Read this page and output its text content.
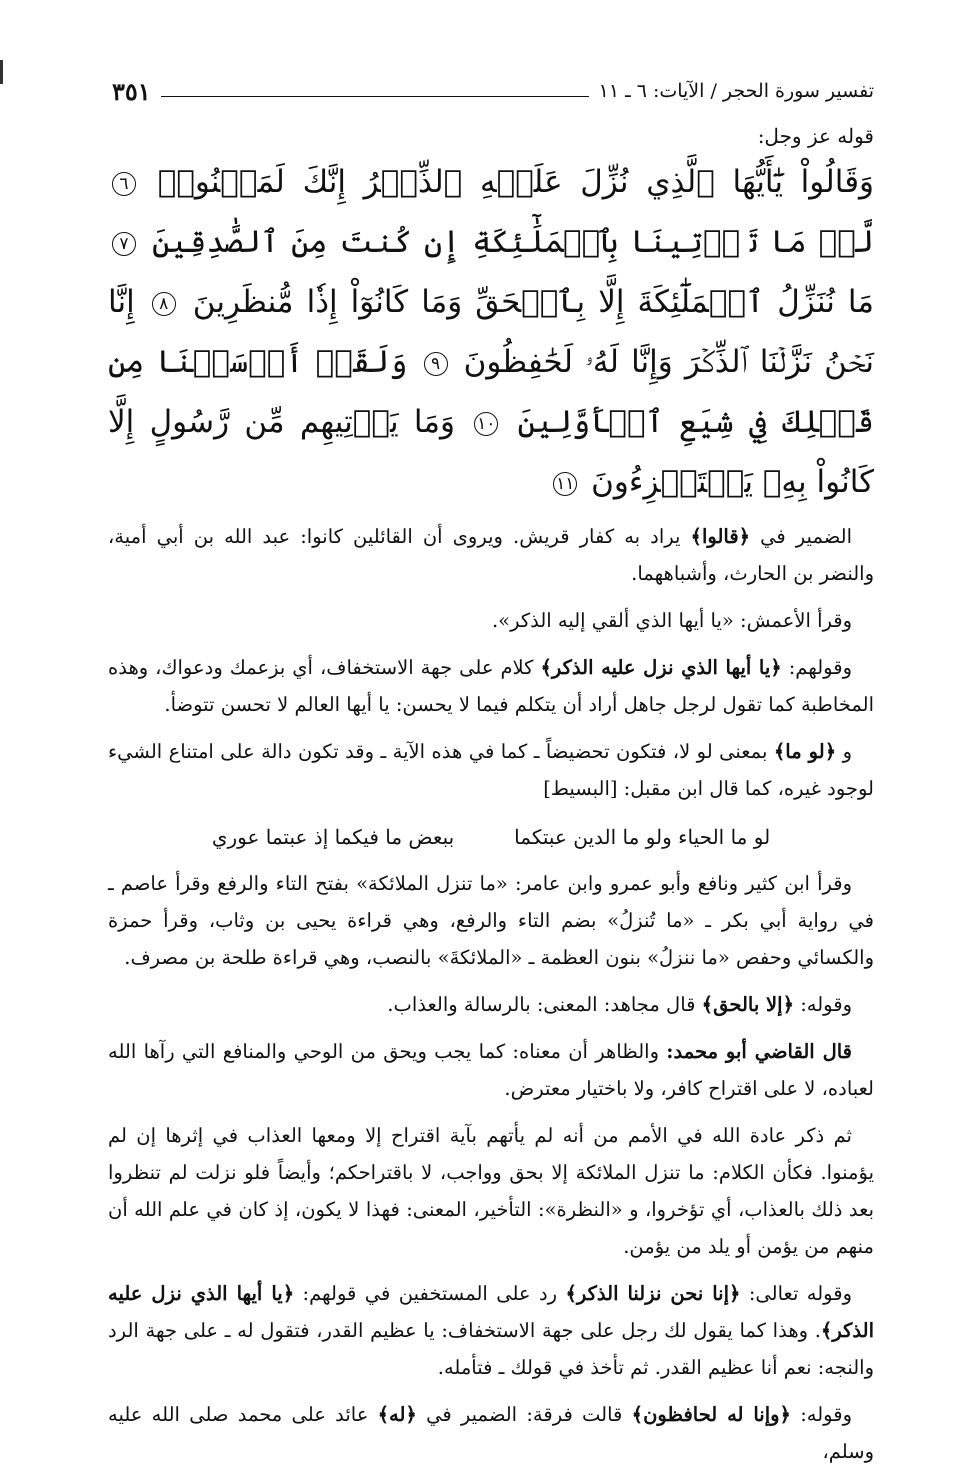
تفسير سورة الحجر / الآيات: ٦ ـ ١١
٣٥١

قوله عز وجل:

وَقَالُواْ يَٰٓأَيُّهَا ٱلَّذِي نُزِّلَ عَلَيۡهِ ٱلذِّكۡرُ إِنَّكَ لَمَجۡنُونٞ ٦ لَّوۡ مَا تَأۡتِينَا بِٱلۡمَلَٰٓئِكَةِ إِن كُنتَ مِنَ ٱلصَّٰدِقِينَ ٧ مَا نُنَزِّلُ ٱلۡمَلَٰٓئِكَةَ إِلَّا بِٱلۡحَقِّ وَمَا كَانُوٓاْ إِذٗا مُّنظَرِينَ ٨ إِنَّا نَحۡنُ نَزَّلۡنَا ٱلذِّكۡرَ وَإِنَّا لَهُۥ لَحَٰفِظُونَ ٩ وَلَقَدۡ أَرۡسَلۡنَا مِن قَبۡلِكَ فِي شِيَعِ ٱلۡأَوَّلِينَ ١٠ وَمَا يَأۡتِيهِم مِّن رَّسُولٍ إِلَّا كَانُواْ بِهِۦ يَسۡتَهۡزِءُونَ ١١

الضمير في ﴿قالوا﴾ يراد به كفار قريش. ويروى أن القائلين كانوا: عبد الله بن أبي أمية، والنضر بن الحارث، وأشباههما.

وقرأ الأعمش: «يا أيها الذي ألقي إليه الذكر».

وقولهم: ﴿يا أيها الذي نزل عليه الذكر﴾ كلام على جهة الاستخفاف، أي بزعمك ودعواك، وهذه المخاطبة كما تقول لرجل جاهل أراد أن يتكلم فيما لا يحسن: يا أيها العالم لا تحسن تتوضأ.

و ﴿لو ما﴾ بمعنى لو لا، فتكون تحضيضاً ـ كما في هذه الآية ـ وقد تكون دالة على امتناع الشيء لوجود غيره، كما قال ابن مقبل: [البسيط]

لو ما الحياء ولو ما الدين عبتكما
ببعض ما فيكما إذ عبتما عوري

وقرأ ابن كثير ونافع وأبو عمرو وابن عامر: «ما تنزل الملائكة» بفتح التاء والرفع وقرأ عاصم ـ في رواية أبي بكر ـ «ما تُنزلُ» بضم التاء والرفع، وهي قراءة يحيى بن وثاب، وقرأ حمزة والكسائي وحفص «ما ننزلُ» بنون العظمة ـ «الملائكةَ» بالنصب، وهي قراءة طلحة بن مصرف.

وقوله: ﴿إلا بالحق﴾ قال مجاهد: المعنى: بالرسالة والعذاب.

قال القاضي أبو محمد: والظاهر أن معناه: كما يجب ويحق من الوحي والمنافع التي رآها الله لعباده، لا على اقتراح كافر، ولا باختيار معترض.

ثم ذكر عادة الله في الأمم من أنه لم يأتهم بآية اقتراح إلا ومعها العذاب في إثرها إن لم يؤمنوا. فكأن الكلام: ما تنزل الملائكة إلا بحق وواجب، لا باقتراحكم؛ وأيضاً فلو نزلت لم تنظروا بعد ذلك بالعذاب، أي تؤخروا، و «النظرة»: التأخير، المعنى: فهذا لا يكون، إذ كان في علم الله أن منهم من يؤمن أو يلد من يؤمن.

وقوله تعالى: ﴿إنا نحن نزلنا الذكر﴾ رد على المستخفين في قولهم: ﴿يا أيها الذي نزل عليه الذكر﴾. وهذا كما يقول لك رجل على جهة الاستخفاف: يا عظيم القدر، فتقول له ـ على جهة الرد والنجه: نعم أنا عظيم القدر. ثم تأخذ في قولك ـ فتأمله.

وقوله: ﴿وإنا له لحافظون﴾ قالت فرقة: الضمير في ﴿له﴾ عائد على محمد صلى الله عليه وسلم،
